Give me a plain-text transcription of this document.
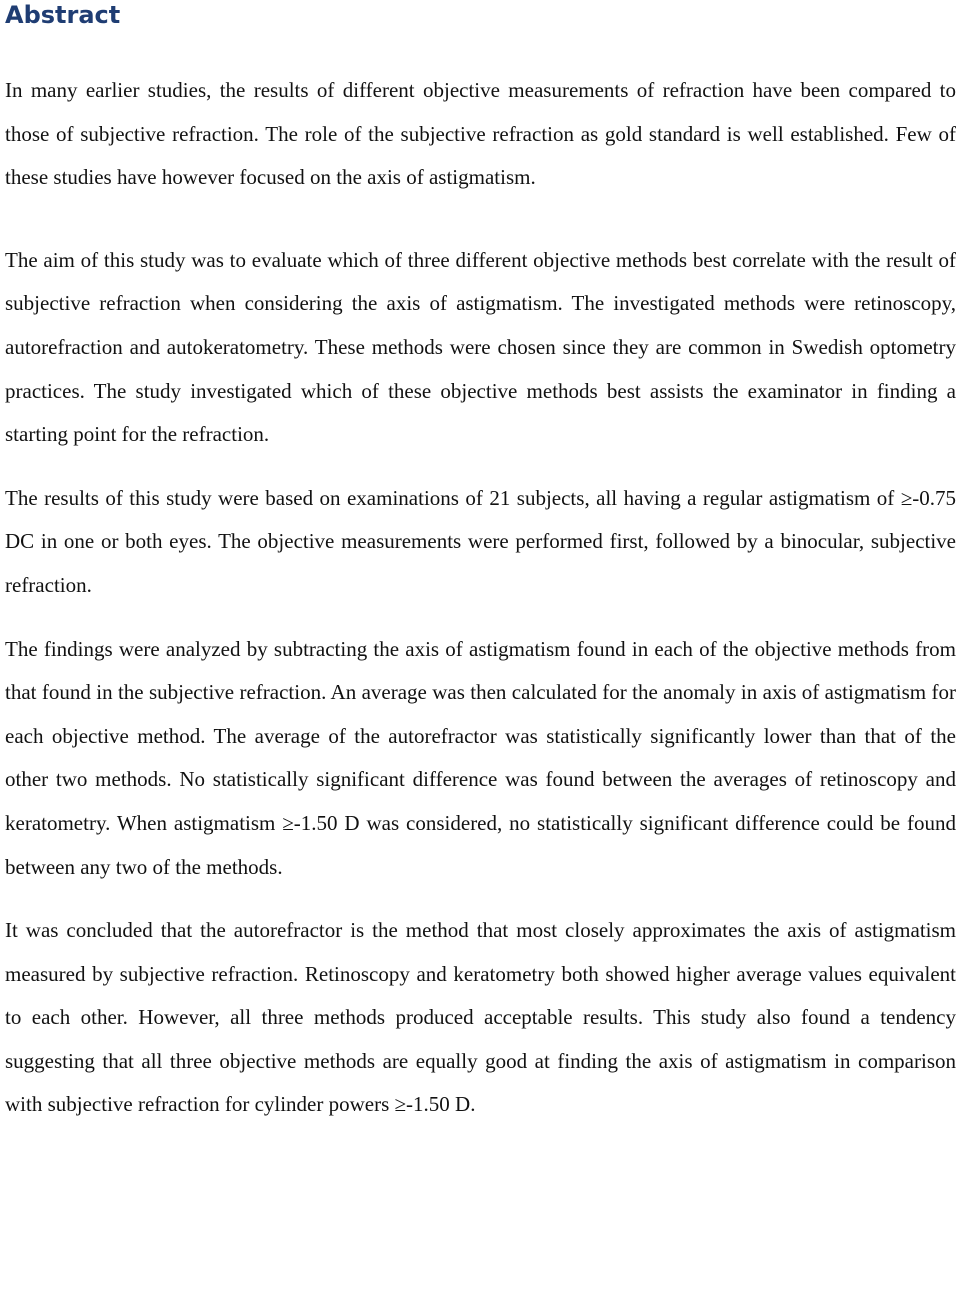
Abstract

In many earlier studies, the results of different objective measurements of refraction have been compared to those of subjective refraction. The role of the subjective refraction as gold standard is well established. Few of these studies have however focused on the axis of astigmatism.

The aim of this study was to evaluate which of three different objective methods best correlate with the result of subjective refraction when considering the axis of astigmatism. The investigated methods were retinoscopy, autorefraction and autokeratometry. These methods were chosen since they are common in Swedish optometry practices. The study investigated which of these objective methods best assists the examinator in finding a starting point for the refraction.

The results of this study were based on examinations of 21 subjects, all having a regular astigmatism of ≥-0.75 DC in one or both eyes. The objective measurements were performed first, followed by a binocular, subjective refraction.

The findings were analyzed by subtracting the axis of astigmatism found in each of the objective methods from that found in the subjective refraction. An average was then calculated for the anomaly in axis of astigmatism for each objective method. The average of the autorefractor was statistically significantly lower than that of the other two methods. No statistically significant difference was found between the averages of retinoscopy and keratometry. When astigmatism ≥-1.50 D was considered, no statistically significant difference could be found between any two of the methods.

It was concluded that the autorefractor is the method that most closely approximates the axis of astigmatism measured by subjective refraction. Retinoscopy and keratometry both showed higher average values equivalent to each other. However, all three methods produced acceptable results. This study also found a tendency suggesting that all three objective methods are equally good at finding the axis of astigmatism in comparison with subjective refraction for cylinder powers ≥-1.50 D.
